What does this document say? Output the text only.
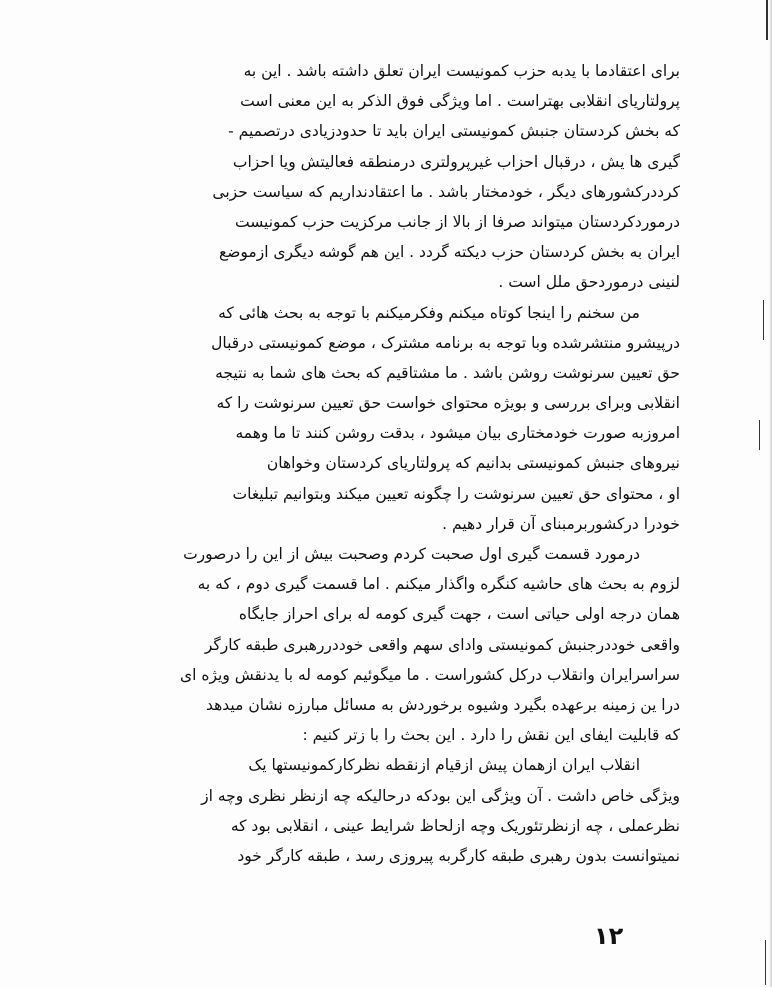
برای اعتقادما با یدبه حزب کمونیست ایران تعلق داشته باشد . این به
پرولتاریای انقلابی بهتراست . اما ویژگی فوق الذکر به این معنی است
که بخش کردستان جنبش کمونیستی ایران باید تا حدودزیادی درتصمیم -
گیری ها یش ، درقبال احزاب غیرپرولتری درمنطقه فعالیتش ویا احزاب
کرددرکشورهای دیگر ، خودمختار باشد . ما اعتقادنداریم که سیاست حزبی
درموردکردستان میتواند صرفا از بالا از جانب مرکزیت حزب کمونیست
ایران به بخش کردستان حزب دیکته گردد . این هم گوشه دیگری ازموضع
لنینی درموردحق ملل است .
من سخنم را اینجا کوتاه میکنم وفکرمیکنم با توجه به بحث هائی که
درپیشرو منتشرشده وبا توجه به برنامه مشترک ، موضع کمونیستی درقبال
حق تعیین سرنوشت روشن باشد . ما مشتاقیم که بحث های شما به نتیجه
انقلابی وبرای بررسی و بویژه محتوای خواست حق تعیین سرنوشت را که
امروزبه صورت خودمختاری بیان میشود ، بدقت روشن کنند تا ما وهمه
نیروهای جنبش کمونیستی بدانیم که پرولتاریای کردستان وخواهان
او ، محتوای حق تعیین سرنوشت را چگونه تعیین میکند وبتوانیم تبلیغات
خودرا درکشوربرمبنای آن قرار دهیم .
درمورد قسمت گیری اول صحبت کردم وصحبت بیش از این را درصورت
لزوم به بحث های حاشیه کنگره واگذار میکنم . اما قسمت گیری دوم ، که به
همان درجه اولی حیاتی است ، جهت گیری کومه له برای احراز جایگاه
واقعی خوددرجنبش کمونیستی وادای سهم واقعی خوددررهبری طبقه کارگر
سراسرایران وانقلاب درکل کشوراست . ما میگوئیم کومه له با یدنقش ویژه ای
درا ین زمینه برعهده بگیرد وشیوه برخوردش به مسائل مبارزه نشان میدهد
که قابلیت ایفای این نقش را دارد . این بحث را با زتر کنیم :
انقلاب ایران ازهمان پیش ازقیام ازنقطه نظرکارکمونیستها یک
ویژگی خاص داشت . آن ویژگی این بودکه درحالیکه چه ازنظر نظری وچه از
نظرعملی ، چه ازنظرتئوریک وچه ازلحاظ شرایط عینی ، انقلابی بود که
نمیتوانست بدون رهبری طبقه کارگربه پیروزی رسد ، طبقه کارگر خود
۱۲
